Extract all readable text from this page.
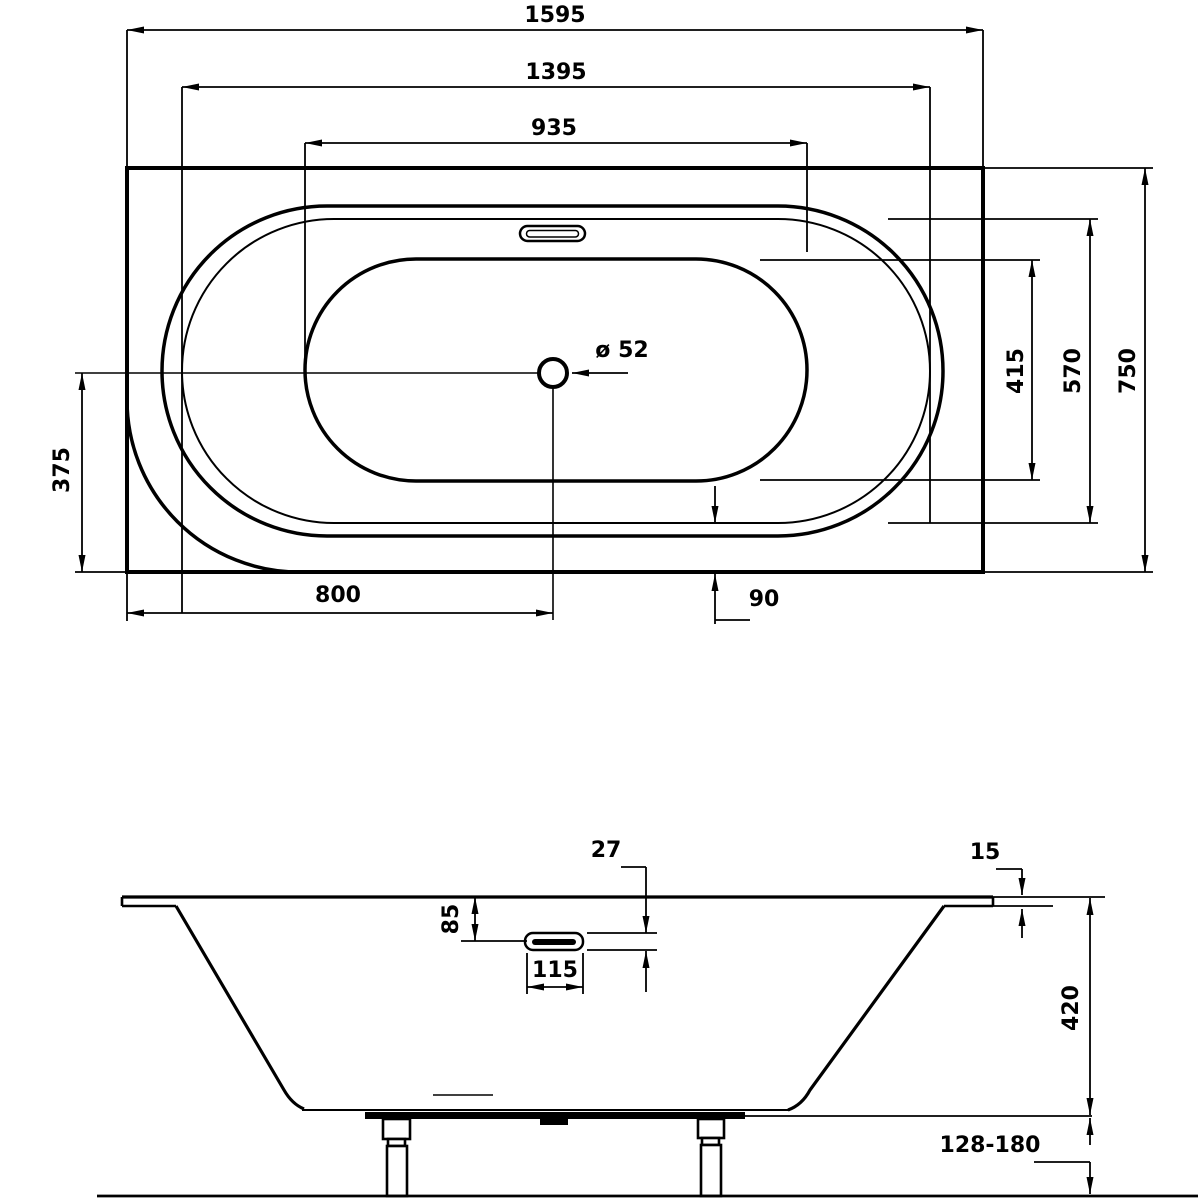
1595
1395
935
ø 52	415 570 750
375
800	90
27	15
85
115
420
128-180
